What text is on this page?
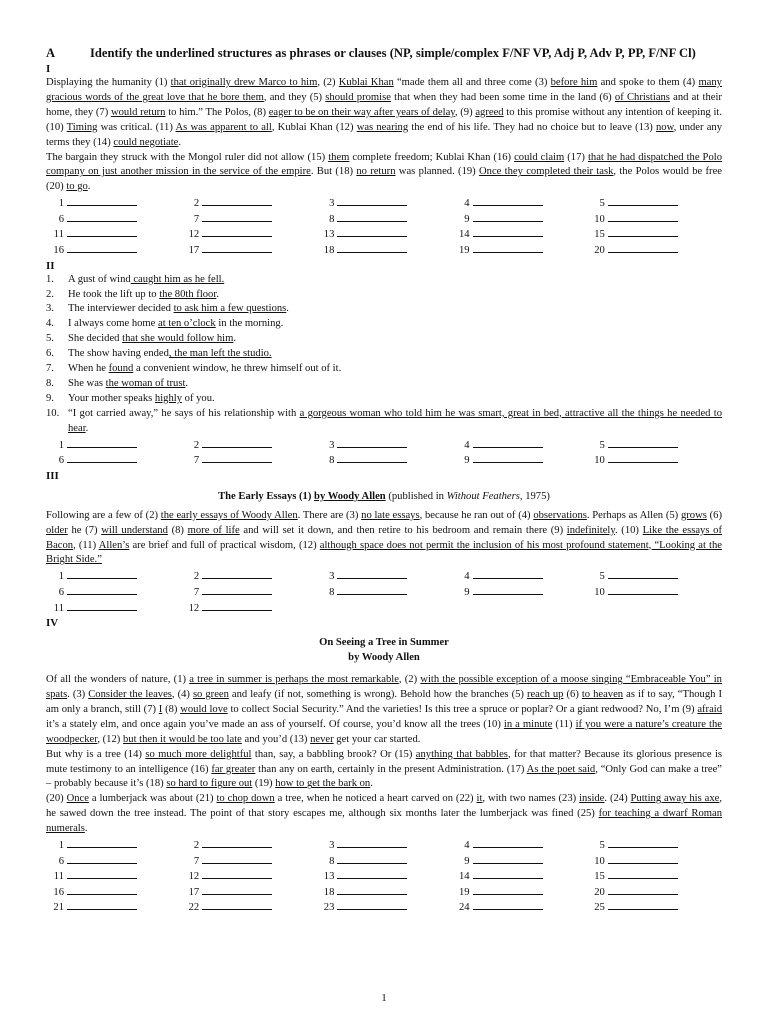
A	Identify the underlined structures as phrases or clauses (NP, simple/complex F/NF VP, Adj P, Adv P, PP, F/NF Cl)
I

Displaying the humanity (1) that originally drew Marco to him, (2) Kublai Khan “made them all and three come (3) before him and spoke to them (4) many gracious words of the great love that he bore them, and they (5) should promise that when they had been some time in the land (6) of Christians and at their home, they (7) would return to him.” The Polos, (8) eager to be on their way after years of delay, (9) agreed to this promise without any intention of keeping it. (10) Timing was critical. (11) As was apparent to all, Kublai Khan (12) was nearing the end of his life. They had no choice but to leave (13) now, under any terms they (14) could negotiate.

The bargain they struck with the Mongol ruler did not allow (15) them complete freedom; Kublai Khan (16) could claim (17) that he had dispatched the Polo company on just another mission in the service of the empire. But (18) no return was planned. (19) Once they completed their task, the Polos would be free (20) to go.

1	2	3	4	5
6	7	8	9	10
11	12	13	14	15
16	17	18	19	20
II
1.	A gust of wind caught him as he fell.
2.	He took the lift up to the 80th floor.
3.	The interviewer decided to ask him a few questions.
4.	I always come home at ten o’clock in the morning.
5.	She decided that she would follow him.
6.	The show having ended, the man left the studio.
7.	When he found a convenient window, he threw himself out of it.
8.	She was the woman of trust.
9.	Your mother speaks highly of you.
10. “I got carried away,” he says of his relationship with a gorgeous woman who told him he was smart, great in bed, attractive all the things he needed to hear.
1	2	3	4	5
6	7	8	9	10
III
The Early Essays (1) by Woody Allen (published in Without Feathers, 1975)

Following are a few of (2) the early essays of Woody Allen. There are (3) no late essays, because he ran out of (4) observations. Perhaps as Allen (5) grows (6) older he (7) will understand (8) more of life and will set it down, and then retire to his bedroom and remain there (9) indefinitely. (10) Like the essays of Bacon, (11) Allen’s are brief and full of practical wisdom, (12) although space does not permit the inclusion of his most profound statement, “Looking at the Bright Side.”

1	2	3	4	5
6	7	8	9	10
11	12
IV
On Seeing a Tree in Summer
by Woody Allen

Of all the wonders of nature, (1) a tree in summer is perhaps the most remarkable, (2) with the possible exception of a moose singing “Embraceable You” in spats. (3) Consider the leaves, (4) so green and leafy (if not, something is wrong). Behold how the branches (5) reach up (6) to heaven as if to say, “Though I am only a branch, still (7) I (8) would love to collect Social Security.” And the varieties! Is this tree a spruce or poplar? Or a giant redwood? No, I’m (9) afraid it’s a stately elm, and once again you’ve made an ass of yourself. Of course, you’d know all the trees (10) in a minute (11) if you were a nature’s creature the woodpecker, (12) but then it would be too late and you’d (13) never get your car started.

But why is a tree (14) so much more delightful than, say, a babbling brook? Or (15) anything that babbles, for that matter? Because its glorious presence is mute testimony to an intelligence (16) far greater than any on earth, certainly in the present Administration. (17) As the poet said, “Only God can make a tree” – probably because it’s (18) so hard to figure out (19) how to get the bark on.

(20) Once a lumberjack was about (21) to chop down a tree, when he noticed a heart carved on (22) it, with two names (23) inside. (24) Putting away his axe, he sawed down the tree instead. The point of that story escapes me, although six months later the lumberjack was fined (25) for teaching a dwarf Roman numerals.

1	2	3	4	5
6	7	8	9	10
11	12	13	14	15
16	17	18	19	20
21	22	23	24	25
1
